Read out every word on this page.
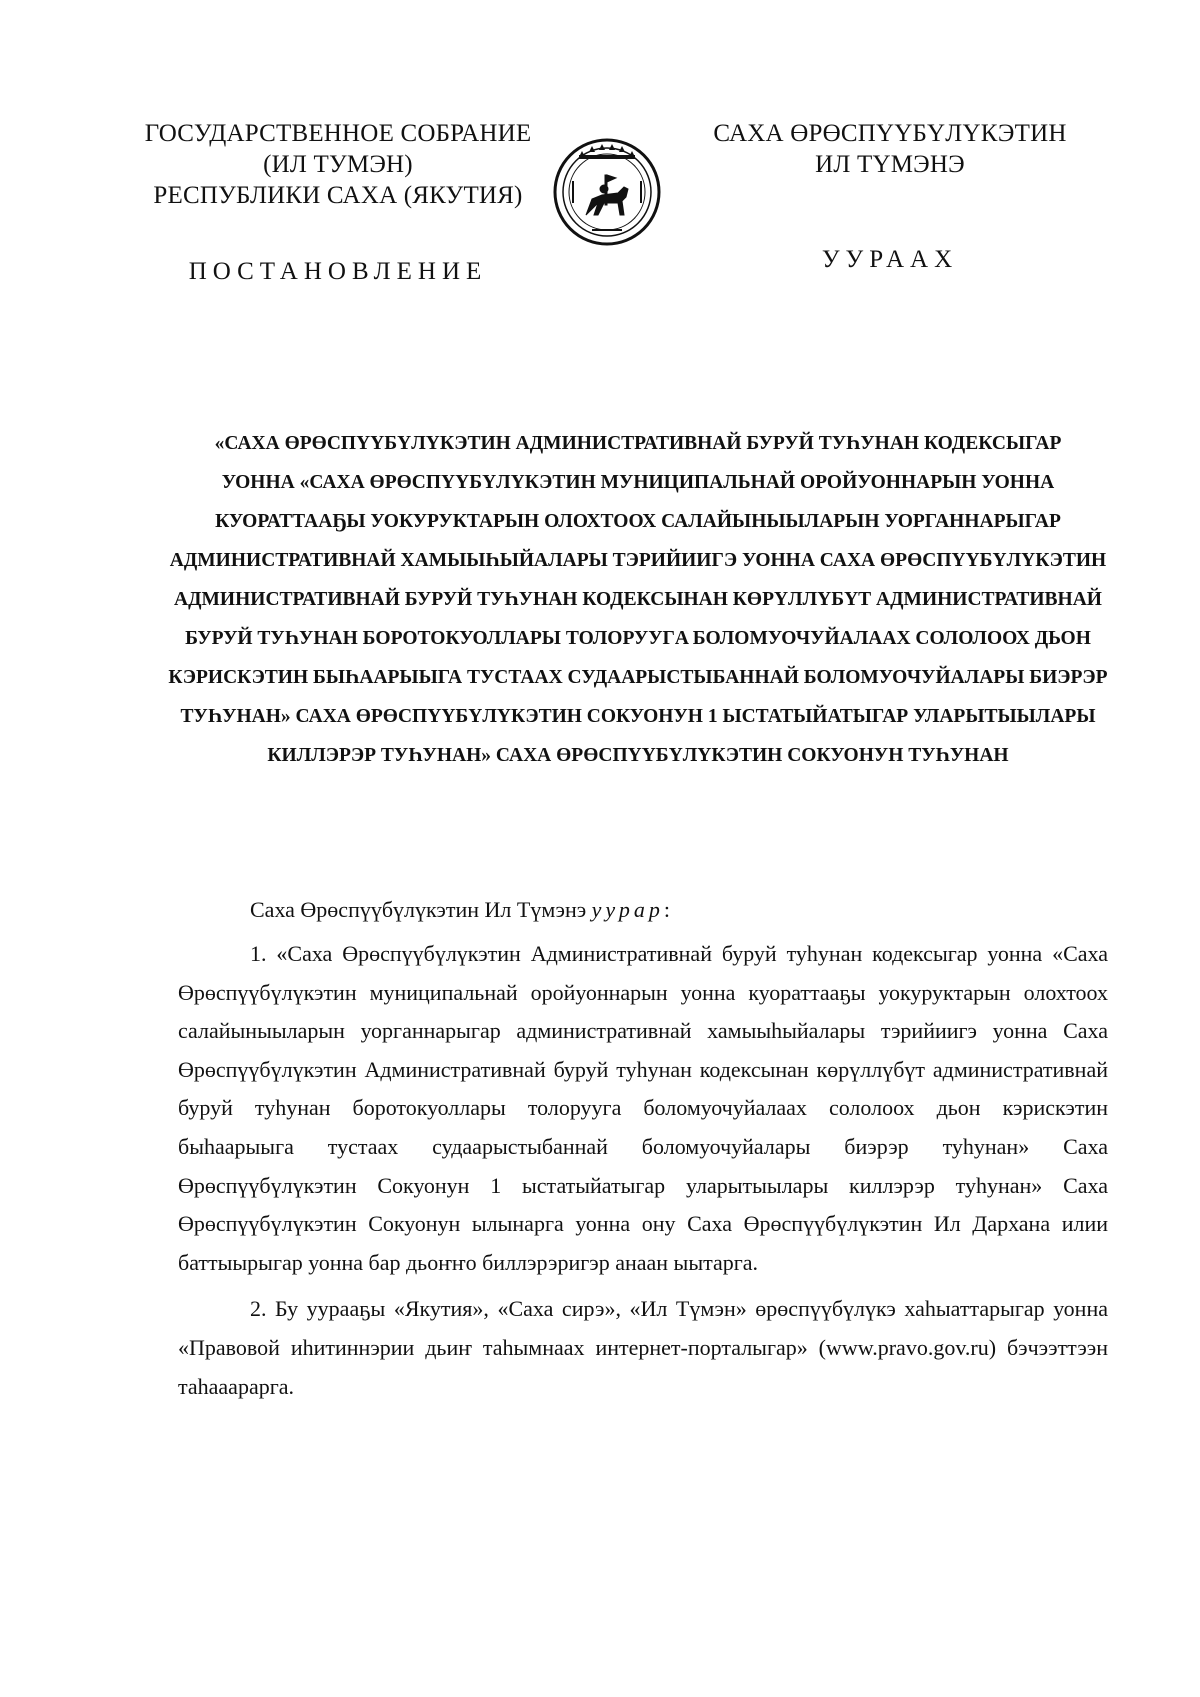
ГОСУДАРСТВЕННОЕ СОБРАНИЕ
(ИЛ ТУМЭН)
РЕСПУБЛИКИ САХА (ЯКУТИЯ)
САХА ӨРӨСПҮҮБҮЛҮКЭТИН
ИЛ ТҮМЭНЭ
ПОСТАНОВЛЕНИЕ	УУРААХ
«САХА ӨРӨСПҮҮБҮЛҮКЭТИН АДМИНИСТРАТИВНАЙ БУРУЙ ТУҺУНАН КОДЕКСЫГАР
УОННА «САХА ӨРӨСПҮҮБҮЛҮКЭТИН МУНИЦИПАЛЬНАЙ ОРОЙУОННАРЫН УОННА
КУОРАТТААҔЫ УОКУРУКТАРЫН ОЛОХТООХ САЛАЙЫНЫЫЛАРЫН УОРГАННАРЫГАР
АДМИНИСТРАТИВНАЙ ХАМЫЫҺЫЙАЛАРЫ ТЭРИЙИИГЭ УОННА САХА ӨРӨСПҮҮБҮЛҮКЭТИН
АДМИНИСТРАТИВНАЙ БУРУЙ ТУҺУНАН КОДЕКСЫНАН КӨРҮЛЛҮБҮТ АДМИНИСТРАТИВНАЙ
БУРУЙ ТУҺУНАН БОРОТОКУОЛЛАРЫ ТОЛОРУУГA БОЛОМУОЧУЙАЛААХ СОЛОЛООХ ДЬОН
КЭРИСКЭТИН БЫҺААРЫЫГА ТУСТААХ СУДААРЫСТЫБАННАЙ БОЛОМУОЧУЙАЛАРЫ БИЭРЭР
ТУҺУНАН» САХА ӨРӨСПҮҮБҮЛҮКЭТИН СОКУОНУН 1 ЫСТАТЫЙАТЫГАР УЛАРЫТЫЫЛАРЫ
КИЛЛЭРЭР ТУҺУНАН» САХА ӨРӨСПҮҮБҮЛҮКЭТИН СОКУОНУН ТУҺУНАН

Саха Өрөспүүбүлүкэтин Ил Түмэнэ уурар:

1. «Саха Өрөспүүбүлүкэтин Административнай буруй туһунан кодексыгар уонна «Саха Өрөспүүбүлүкэтин муниципальнай оройуоннарын уонна куораттааҕы уокуруктарын олохтоох салайыныыларын уорганнарыгар административнай хамыыһыйалары тэрийиигэ уонна Саха Өрөспүүбүлүкэтин Административнай буруй туһунан кодексынан көрүллүбүт административнай буруй туһунан боротокуоллары толорууга боломуочуйалаах сололоох дьон кэрискэтин быһаарыыга тустаах судаарыстыбаннай боломуочуйалары биэрэр туһунан» Саха Өрөспүүбүлүкэтин Сокуонун 1 ыстатыйатыгар уларытыылары киллэрэр туһунан» Саха Өрөспүүбүлүкэтин Сокуонун ылынарга уонна ону Саха Өрөспүүбүлүкэтин Ил Дархана илии баттыырыгар уонна бар дьоҥҥо биллэрэригэр анаан ыытарга.

2. Бу уурааҕы «Якутия», «Саха сирэ», «Ил Түмэн» өрөспүүбүлүкэ хаһыаттарыгар уонна «Правовой иһитиннэрии дьиҥ таһымнаах интернет-порталыгар» (www.pravo.gov.ru) бэчээттээн таһааарарга.
